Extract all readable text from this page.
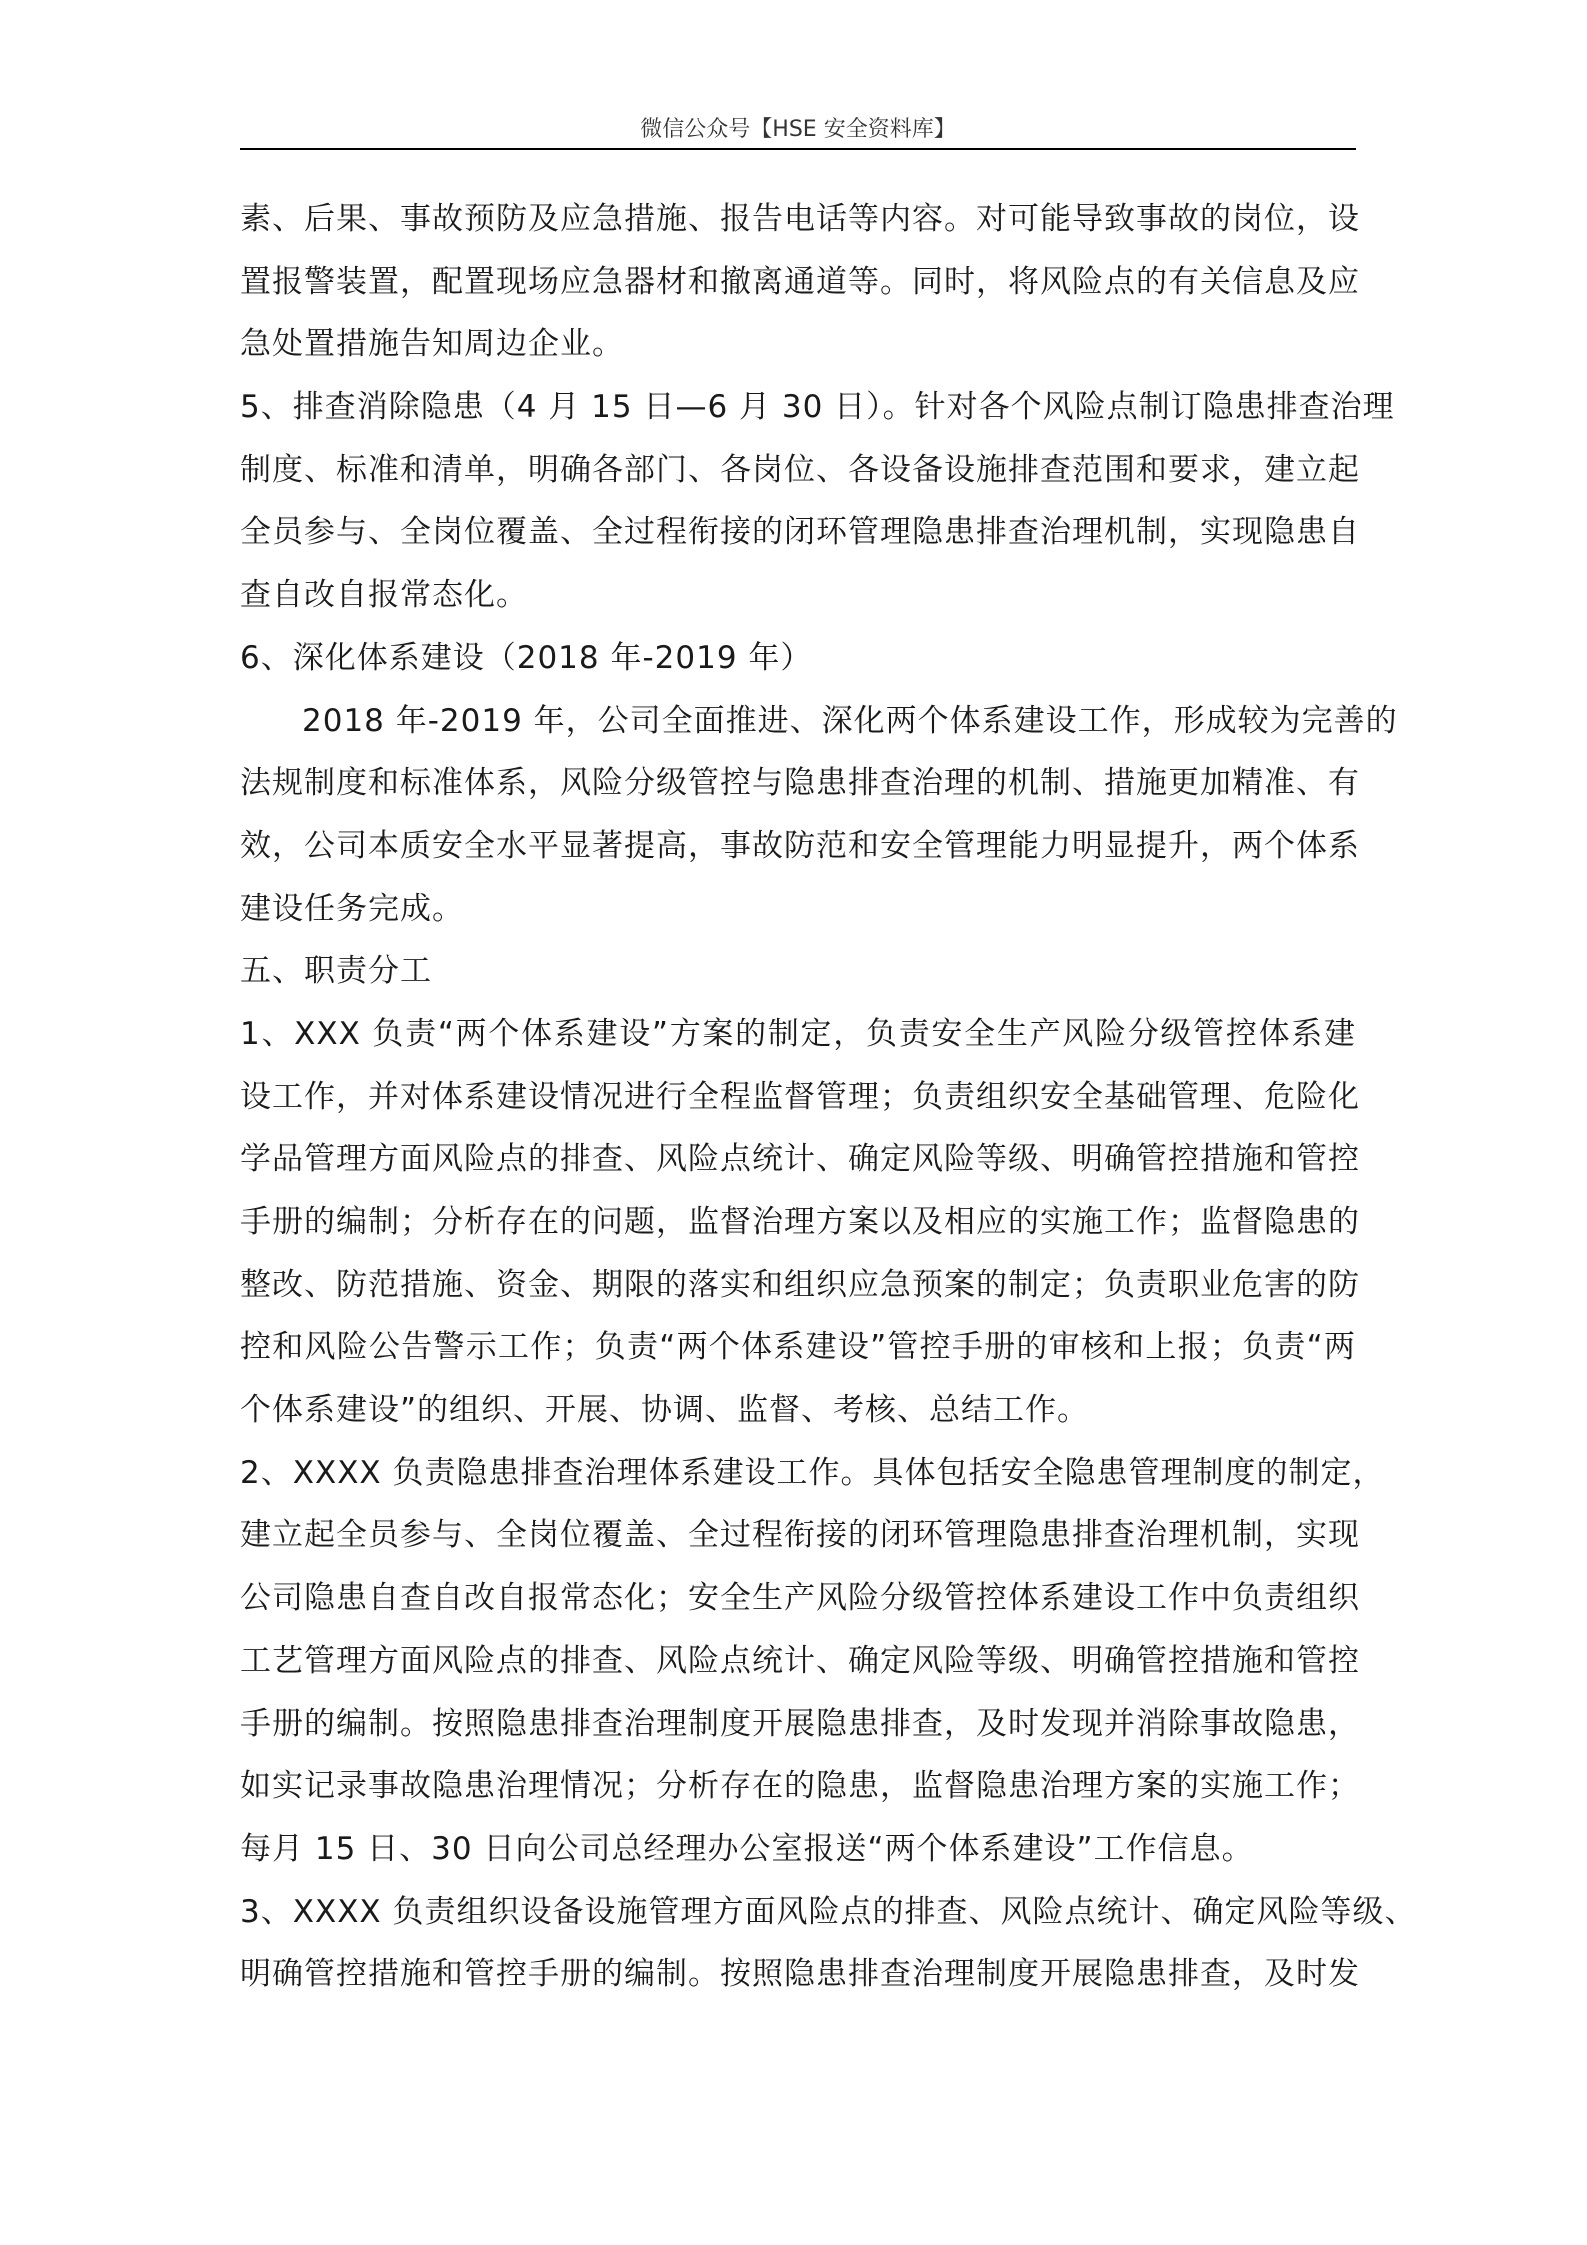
微信公众号【HSE 安全资料库】
素、后果、事故预防及应急措施、报告电话等内容。对可能导致事故的岗位，设
置报警装置，配置现场应急器材和撤离通道等。同时，将风险点的有关信息及应
急处置措施告知周边企业。
5、排查消除隐患（4 月 15 日—6 月 30 日）。针对各个风险点制订隐患排查治理
制度、标准和清单，明确各部门、各岗位、各设备设施排查范围和要求，建立起
全员参与、全岗位覆盖、全过程衔接的闭环管理隐患排查治理机制，实现隐患自
查自改自报常态化。
6、深化体系建设（2018 年-2019 年）
2018 年-2019 年，公司全面推进、深化两个体系建设工作，形成较为完善的
法规制度和标准体系，风险分级管控与隐患排查治理的机制、措施更加精准、有
效，公司本质安全水平显著提高，事故防范和安全管理能力明显提升，两个体系
建设任务完成。
五、职责分工
1、XXX 负责“两个体系建设”方案的制定，负责安全生产风险分级管控体系建
设工作，并对体系建设情况进行全程监督管理；负责组织安全基础管理、危险化
学品管理方面风险点的排查、风险点统计、确定风险等级、明确管控措施和管控
手册的编制；分析存在的问题，监督治理方案以及相应的实施工作；监督隐患的
整改、防范措施、资金、期限的落实和组织应急预案的制定；负责职业危害的防
控和风险公告警示工作；负责“两个体系建设”管控手册的审核和上报；负责“两
个体系建设”的组织、开展、协调、监督、考核、总结工作。
2、XXXX 负责隐患排查治理体系建设工作。具体包括安全隐患管理制度的制定，
建立起全员参与、全岗位覆盖、全过程衔接的闭环管理隐患排查治理机制，实现
公司隐患自查自改自报常态化；安全生产风险分级管控体系建设工作中负责组织
工艺管理方面风险点的排查、风险点统计、确定风险等级、明确管控措施和管控
手册的编制。按照隐患排查治理制度开展隐患排查，及时发现并消除事故隐患，
如实记录事故隐患治理情况；分析存在的隐患，监督隐患治理方案的实施工作；
每月 15 日、30 日向公司总经理办公室报送“两个体系建设”工作信息。
3、XXXX 负责组织设备设施管理方面风险点的排查、风险点统计、确定风险等级、
明确管控措施和管控手册的编制。按照隐患排查治理制度开展隐患排查，及时发
